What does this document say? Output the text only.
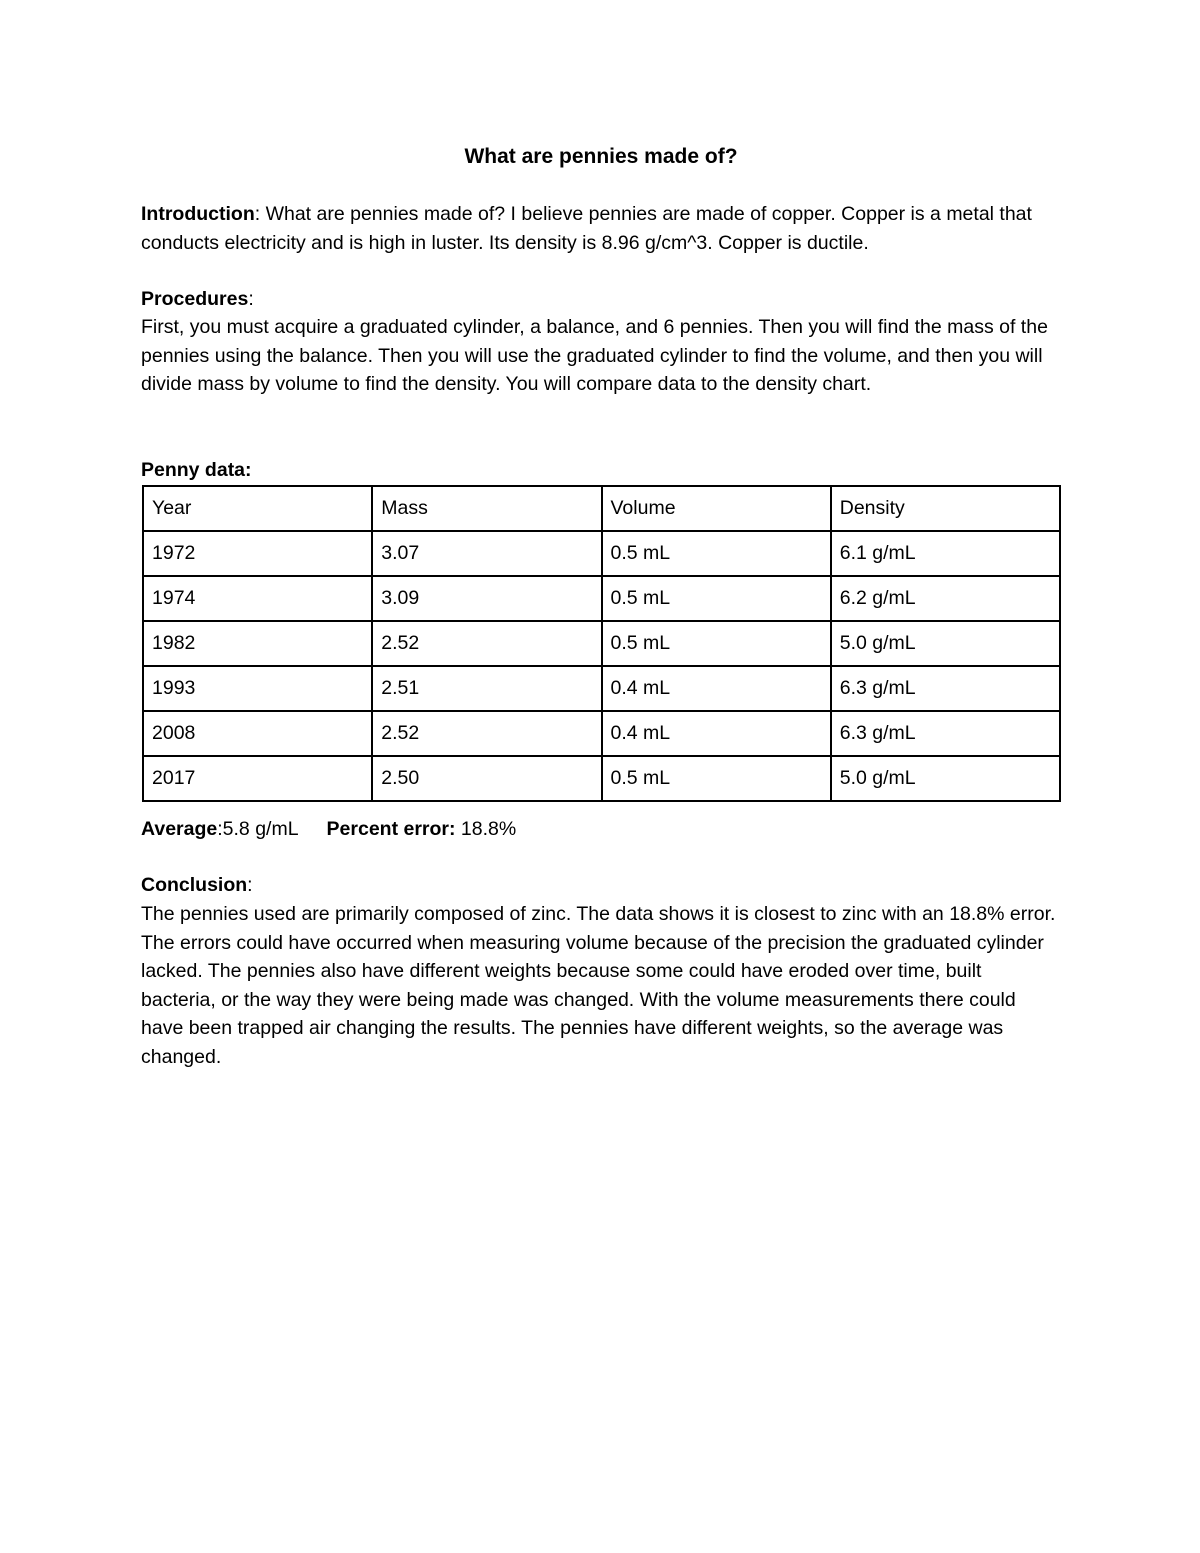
What are pennies made of?

Introduction: What are pennies made of? I believe pennies are made of copper. Copper is a metal that conducts electricity and is high in luster. Its density is 8.96 g/cm^3. Copper is ductile.

Procedures:

First, you must acquire a graduated cylinder, a balance, and 6 pennies. Then you will find the mass of the pennies using the balance. Then you will use the graduated cylinder to find the volume, and then you will divide mass by volume to find the density. You will compare data to the density chart.

Penny data:

Year	Mass	Volume	Density
1972	3.07	0.5 mL	6.1 g/mL
1974	3.09	0.5 mL	6.2 g/mL
1982	2.52	0.5 mL	5.0 g/mL
1993	2.51	0.4 mL	6.3 g/mL
2008	2.52	0.4 mL	6.3 g/mL
2017	2.50	0.5 mL	5.0 g/mL
Average:5.8 g/mL Percent error: 18.8%

Conclusion:

The pennies used are primarily composed of zinc. The data shows it is closest to zinc with an 18.8% error. The errors could have occurred when measuring volume because of the precision the graduated cylinder lacked. The pennies also have different weights because some could have eroded over time, built bacteria, or the way they were being made was changed. With the volume measurements there could have been trapped air changing the results. The pennies have different weights, so the average was changed.
